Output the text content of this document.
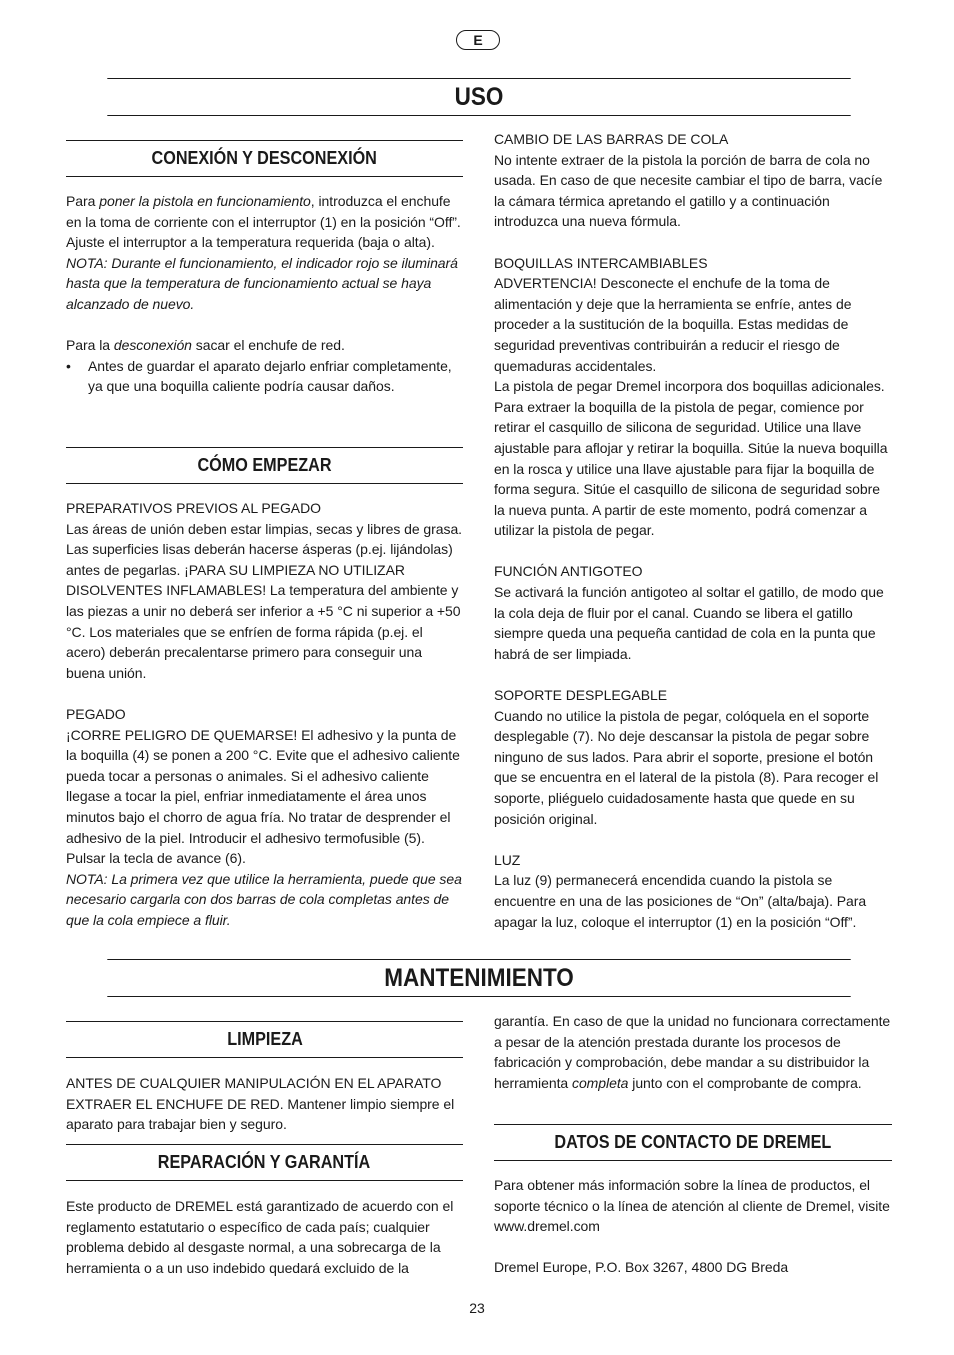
E
USO
CONEXIÓN Y DESCONEXIÓN

Para poner la pistola en funcionamiento, introduzca el enchufe en la toma de corriente con el interruptor (1) en la posición “Off”. Ajuste el interruptor a la temperatura requerida (baja o alta).

NOTA: Durante el funcionamiento, el indicador rojo se iluminará hasta que la temperatura de funcionamiento actual se haya alcanzado de nuevo.

Para la desconexión sacar el enchufe de red.

• Antes de guardar el aparato dejarlo enfriar completamente, ya que una boquilla caliente podría causar daños.

CÓMO EMPEZAR

PREPARATIVOS PREVIOS AL PEGADO

Las áreas de unión deben estar limpias, secas y libres de grasa. Las superficies lisas deberán hacerse ásperas (p.ej. lijándolas) antes de pegarlas. ¡PARA SU LIMPIEZA NO UTILIZAR DISOLVENTES INFLAMABLES! La temperatura del ambiente y las piezas a unir no deberá ser inferior a +5 °C ni superior a +50 °C. Los materiales que se enfríen de forma rápida (p.ej. el acero) deberán precalentarse primero para conseguir una buena unión.

PEGADO

¡CORRE PELIGRO DE QUEMARSE! El adhesivo y la punta de la boquilla (4) se ponen a 200 °C. Evite que el adhesivo caliente pueda tocar a personas o animales. Si el adhesivo caliente llegase a tocar la piel, enfriar inmediatamente el área unos minutos bajo el chorro de agua fría. No tratar de desprender el adhesivo de la piel. Introducir el adhesivo termofusible (5). Pulsar la tecla de avance (6).

NOTA: La primera vez que utilice la herramienta, puede que sea necesario cargarla con dos barras de cola completas antes de que la cola empiece a fluir.

CAMBIO DE LAS BARRAS DE COLA

No intente extraer de la pistola la porción de barra de cola no usada. En caso de que necesite cambiar el tipo de barra, vacíe la cámara térmica apretando el gatillo y a continuación introduzca una nueva fórmula.

BOQUILLAS INTERCAMBIABLES

ADVERTENCIA! Desconecte el enchufe de la toma de alimentación y deje que la herramienta se enfríe, antes de proceder a la sustitución de la boquilla. Estas medidas de seguridad preventivas contribuirán a reducir el riesgo de quemaduras accidentales.

La pistola de pegar Dremel incorpora dos boquillas adicionales. Para extraer la boquilla de la pistola de pegar, comience por retirar el casquillo de silicona de seguridad. Utilice una llave ajustable para aflojar y retirar la boquilla. Sitúe la nueva boquilla en la rosca y utilice una llave ajustable para fijar la boquilla de forma segura. Sitúe el casquillo de silicona de seguridad sobre la nueva punta. A partir de este momento, podrá comenzar a utilizar la pistola de pegar.

FUNCIÓN ANTIGOTEO

Se activará la función antigoteo al soltar el gatillo, de modo que la cola deja de fluir por el canal. Cuando se libera el gatillo siempre queda una pequeña cantidad de cola en la punta que habrá de ser limpiada.

SOPORTE DESPLEGABLE

Cuando no utilice la pistola de pegar, colóquela en el soporte desplegable (7). No deje descansar la pistola de pegar sobre ninguno de sus lados. Para abrir el soporte, presione el botón que se encuentra en el lateral de la pistola (8). Para recoger el soporte, pliéguelo cuidadosamente hasta que quede en su posición original.

LUZ

La luz (9) permanecerá encendida cuando la pistola se encuentre en una de las posiciones de “On” (alta/baja). Para apagar la luz, coloque el interruptor (1) en la posición “Off”.

MANTENIMIENTO
LIMPIEZA

ANTES DE CUALQUIER MANIPULACIÓN EN EL APARATO EXTRAER EL ENCHUFE DE RED. Mantener limpio siempre el aparato para trabajar bien y seguro.

REPARACIÓN Y GARANTÍA

Este producto de DREMEL está garantizado de acuerdo con el reglamento estatutario o específico de cada país; cualquier problema debido al desgaste normal, a una sobrecarga de la herramienta o a un uso indebido quedará excluido de la

garantía. En caso de que la unidad no funcionara correctamente a pesar de la atención prestada durante los procesos de fabricación y comprobación, debe mandar a su distribuidor la herramienta completa junto con el comprobante de compra.

DATOS DE CONTACTO DE DREMEL

Para obtener más información sobre la línea de productos, el soporte técnico o la línea de atención al cliente de Dremel, visite www.dremel.com

Dremel Europe, P.O. Box 3267, 4800 DG Breda

23
